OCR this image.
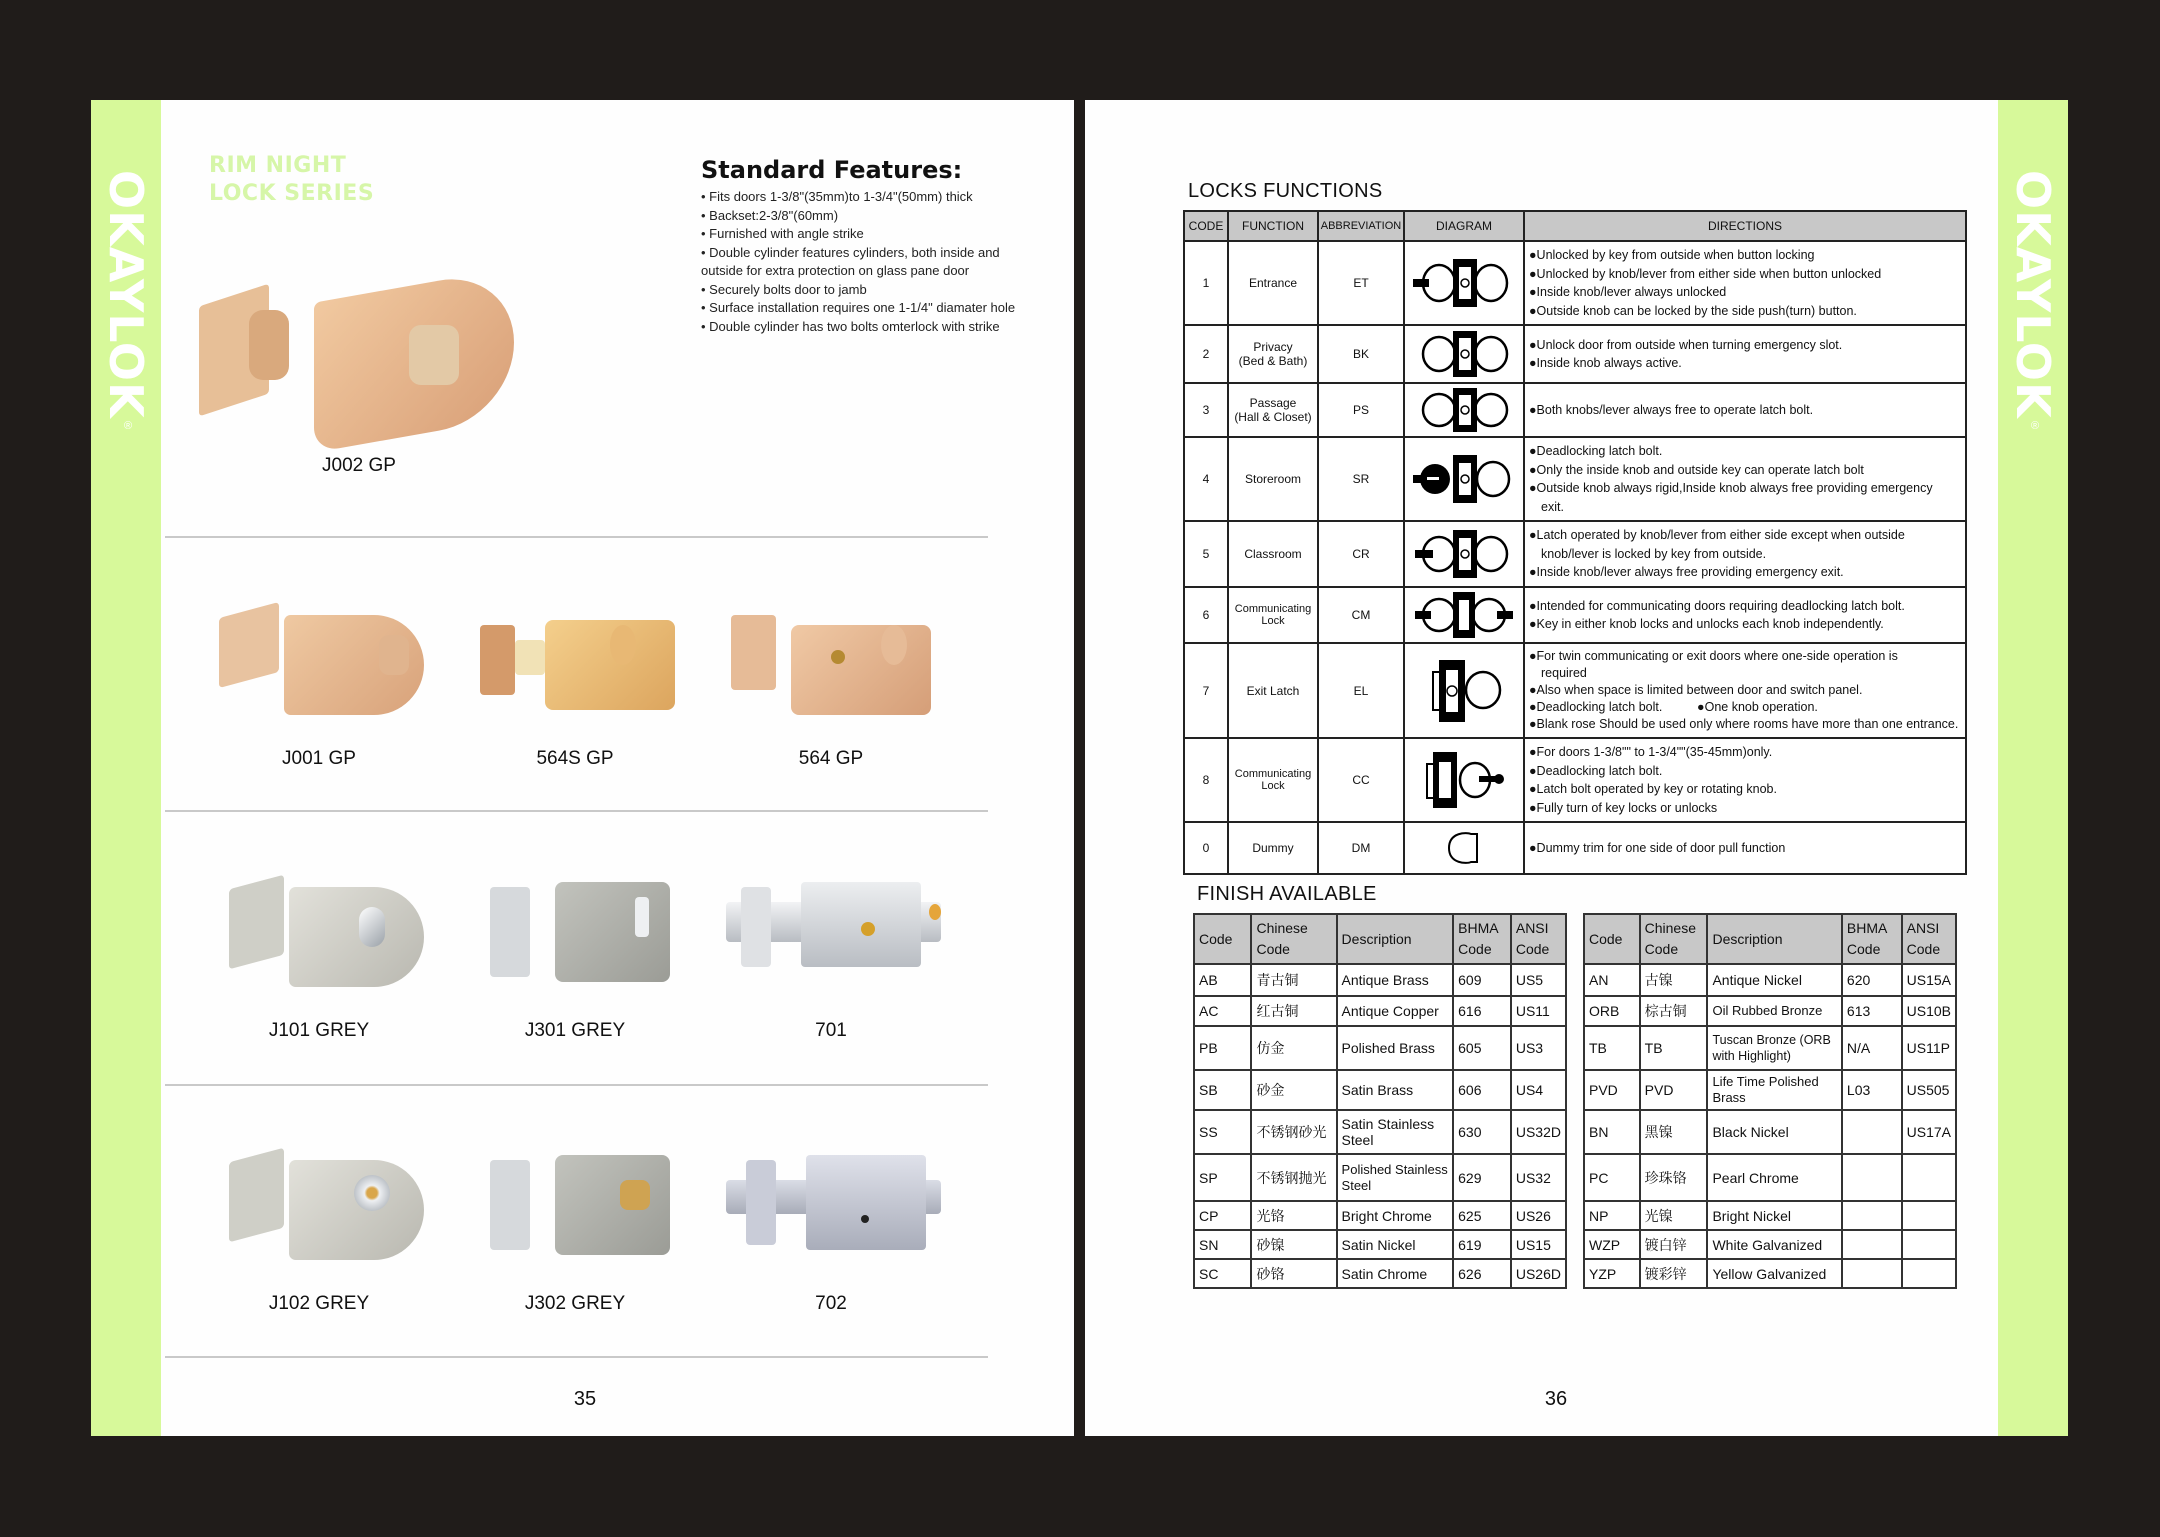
OKAYLOK
®
RIM NIGHT
LOCK SERIES
Standard Features:

• Fits doors 1-3/8"(35mm)to 1-3/4"(50mm) thick

• Backset:2-3/8"(60mm)

• Furnished with angle strike

• Double cylinder features cylinders, both inside and outside for extra protection on glass pane door

• Securely bolts door to jamb

• Surface installation requires one 1-1/4" diamater hole

• Double cylinder has two bolts omterlock with strike

J002 GP
J001 GP	564S GP	564 GP
J101 GREY	J301 GREY	701
J102 GREY	J302 GREY	702
35
OKAYLOK
®
LOCKS FUNCTIONS
CODE	FUNCTION	ABBREVIATION	DIAGRAM	DIRECTIONS
1	Entrance	ET		●Unlocked by key from outside when button locking
●Unlocked by knob/lever from either side when button unlocked
●Inside knob/lever always unlocked
●Outside knob can be locked by the side push(turn) button.

2	Privacy
(Bed & Bath)	BK		●Unlock door from outside when turning emergency slot.
●Inside knob always active.

3	Passage
(Hall & Closet)	PS		●Both knobs/lever always free to operate latch bolt.

4	Storeroom	SR		●Deadlocking latch bolt.
●Only the inside knob and outside key can operate latch bolt
●Outside knob always rigid,Inside knob always free providing emergency
exit.

5	Classroom	CR		●Latch operated by knob/lever from either side except when outside
knob/lever is locked by key from outside.
●Inside knob/lever always free providing emergency exit.

6	Communicating
Lock	CM		●Intended for communicating doors requiring deadlocking latch bolt.
●Key in either knob locks and unlocks each knob independently.

7	Exit Latch	EL		●For twin communicating or exit doors where one-side operation is
required
●Also when space is limited between door and switch panel.
●Deadlocking latch bolt.          ●One knob operation.
●Blank rose Should be used only where rooms have more than one entrance.

8	Communicating
Lock	CC		●For doors 1-3/8"" to 1-3/4""(35-45mm)only.
●Deadlocking latch bolt.
●Latch bolt operated by key or rotating knob.
●Fully turn of key locks or unlocks

0	Dummy	DM		●Dummy trim for one side of door pull function
FINISH AVAILABLE
Code	Chinese Code	Description	BHMA Code	ANSI Code
AB	青古铜	Antique Brass	609	US5
AC	红古铜	Antique Copper	616	US11
PB	仿金	Polished Brass	605	US3
SB	砂金	Satin Brass	606	US4
SS	不锈钢砂光	Satin Stainless Steel	630	US32D
SP	不锈钢抛光	Polished Stainless Steel	629	US32
CP	光铬	Bright Chrome	625	US26
SN	砂镍	Satin Nickel	619	US15
SC	砂铬	Satin Chrome	626	US26D
Code	Chinese Code	Description	BHMA Code	ANSI Code
AN	古镍	Antique Nickel	620	US15A
ORB	棕古铜	Oil Rubbed Bronze	613	US10B
TB	TB	Tuscan Bronze (ORB with Highlight)	N/A	US11P
PVD	PVD	Life Time Polished Brass	L03	US505
BN	黑镍	Black Nickel		US17A
PC	珍珠铬	Pearl Chrome		
NP	光镍	Bright Nickel		
WZP	镀白锌	White Galvanized		
YZP	镀彩锌	Yellow Galvanized		
36
